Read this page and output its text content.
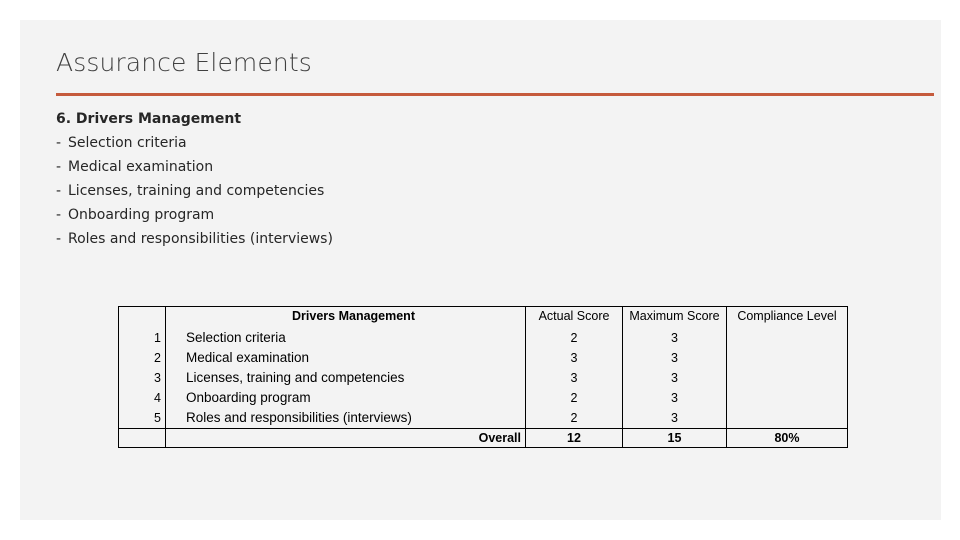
Assurance Elements
6. Drivers Management
- Selection criteria
- Medical examination
- Licenses, training and competencies
- Onboarding program
- Roles and responsibilities (interviews)
	Drivers Management	Actual Score	Maximum Score	Compliance Level
1	Selection criteria	2	3	
2	Medical examination	3	3	
3	Licenses, training and competencies	3	3	
4	Onboarding program	2	3	
5	Roles and responsibilities (interviews)	2	3	
	Overall	12	15	80%
